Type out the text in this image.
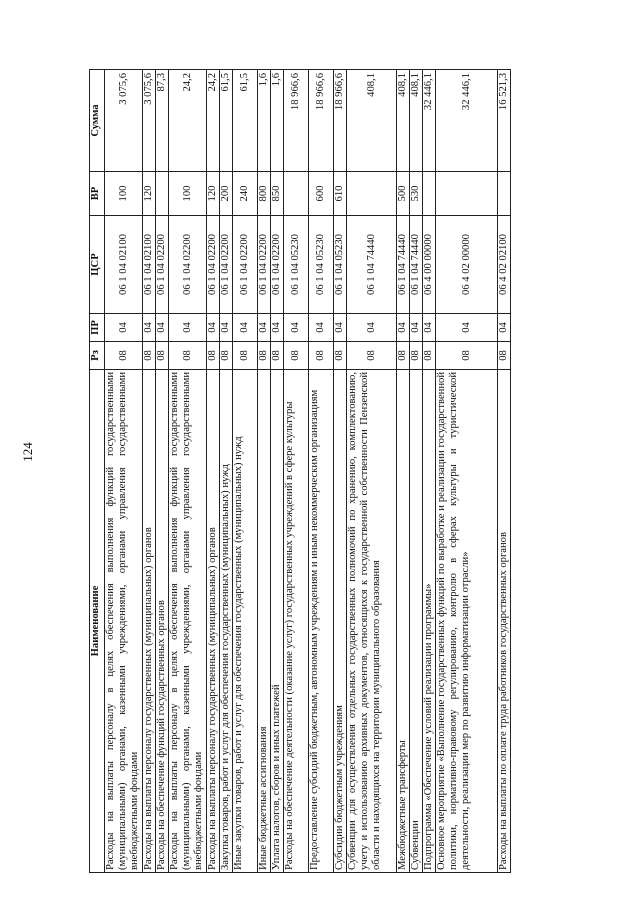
124
Наименование	Рз	ПР	ЦСР	ВР	Сумма
Расходы на выплаты персоналу в целях обеспечения выполнения функций государственными (муниципальными) органами, казенными учреждениями, органами управления государственными внебюджетными фондами	08	04	06 1 04 02100	100	3 075,6
Расходы на выплаты персоналу государственных (муниципальных) органов	08	04	06 1 04 02100	120	3 075,6
Расходы на обеспечение функций государственных органов	08	04	06 1 04 02200		87,3
Расходы на выплаты персоналу в целях обеспечения выполнения функций государственными (муниципальными) органами, казенными учреждениями, органами управления государственными внебюджетными фондами	08	04	06 1 04 02200	100	24,2
Расходы на выплаты персоналу государственных (муниципальных) органов	08	04	06 1 04 02200	120	24,2
Закупка товаров, работ и услуг для обеспечения государственных (муниципальных) нужд	08	04	06 1 04 02200	200	61,5
Иные закупки товаров, работ и услуг для обеспечения государственных (муниципальных) нужд	08	04	06 1 04 02200	240	61,5
Иные бюджетные ассигнования	08	04	06 1 04 02200	800	1,6
Уплата налогов, сборов и иных платежей	08	04	06 1 04 02200	850	1,6
Расходы на обеспечение деятельности (оказание услуг) государственных учреждений в сфере культуры	08	04	06 1 04 05230		18 966,6
Предоставление субсидий бюджетным, автономным учреждениям и иным некоммерческим организациям	08	04	06 1 04 05230	600	18 966,6
Субсидии бюджетным учреждениям	08	04	06 1 04 05230	610	18 966,6
Субвенции для осуществления отдельных государственных полномочий по хранению, комплектованию, учету и использованию архивных документов, относящихся к государственной собственности Пензенской области и находящихся на территории муниципального образования	08	04	06 1 04 74440		408,1
Межбюджетные трансферты	08	04	06 1 04 74440	500	408,1
Субвенции	08	04	06 1 04 74440	530	408,1
Подпрограмма «Обеспечение условий реализации программы»	08	04	06 4 00 00000		32 446,1
Основное мероприятие «Выполнение государственных функций по выработке и реализации государственной политики, нормативно-правовому регулированию, контролю в сферах культуры и туристической деятельности, реализации мер по развитию информатизации отрасли»	08	04	06 4 02 00000		32 446,1
Расходы на выплаты по оплате труда работников государственных органов	08	04	06 4 02 02100		16 521,3
